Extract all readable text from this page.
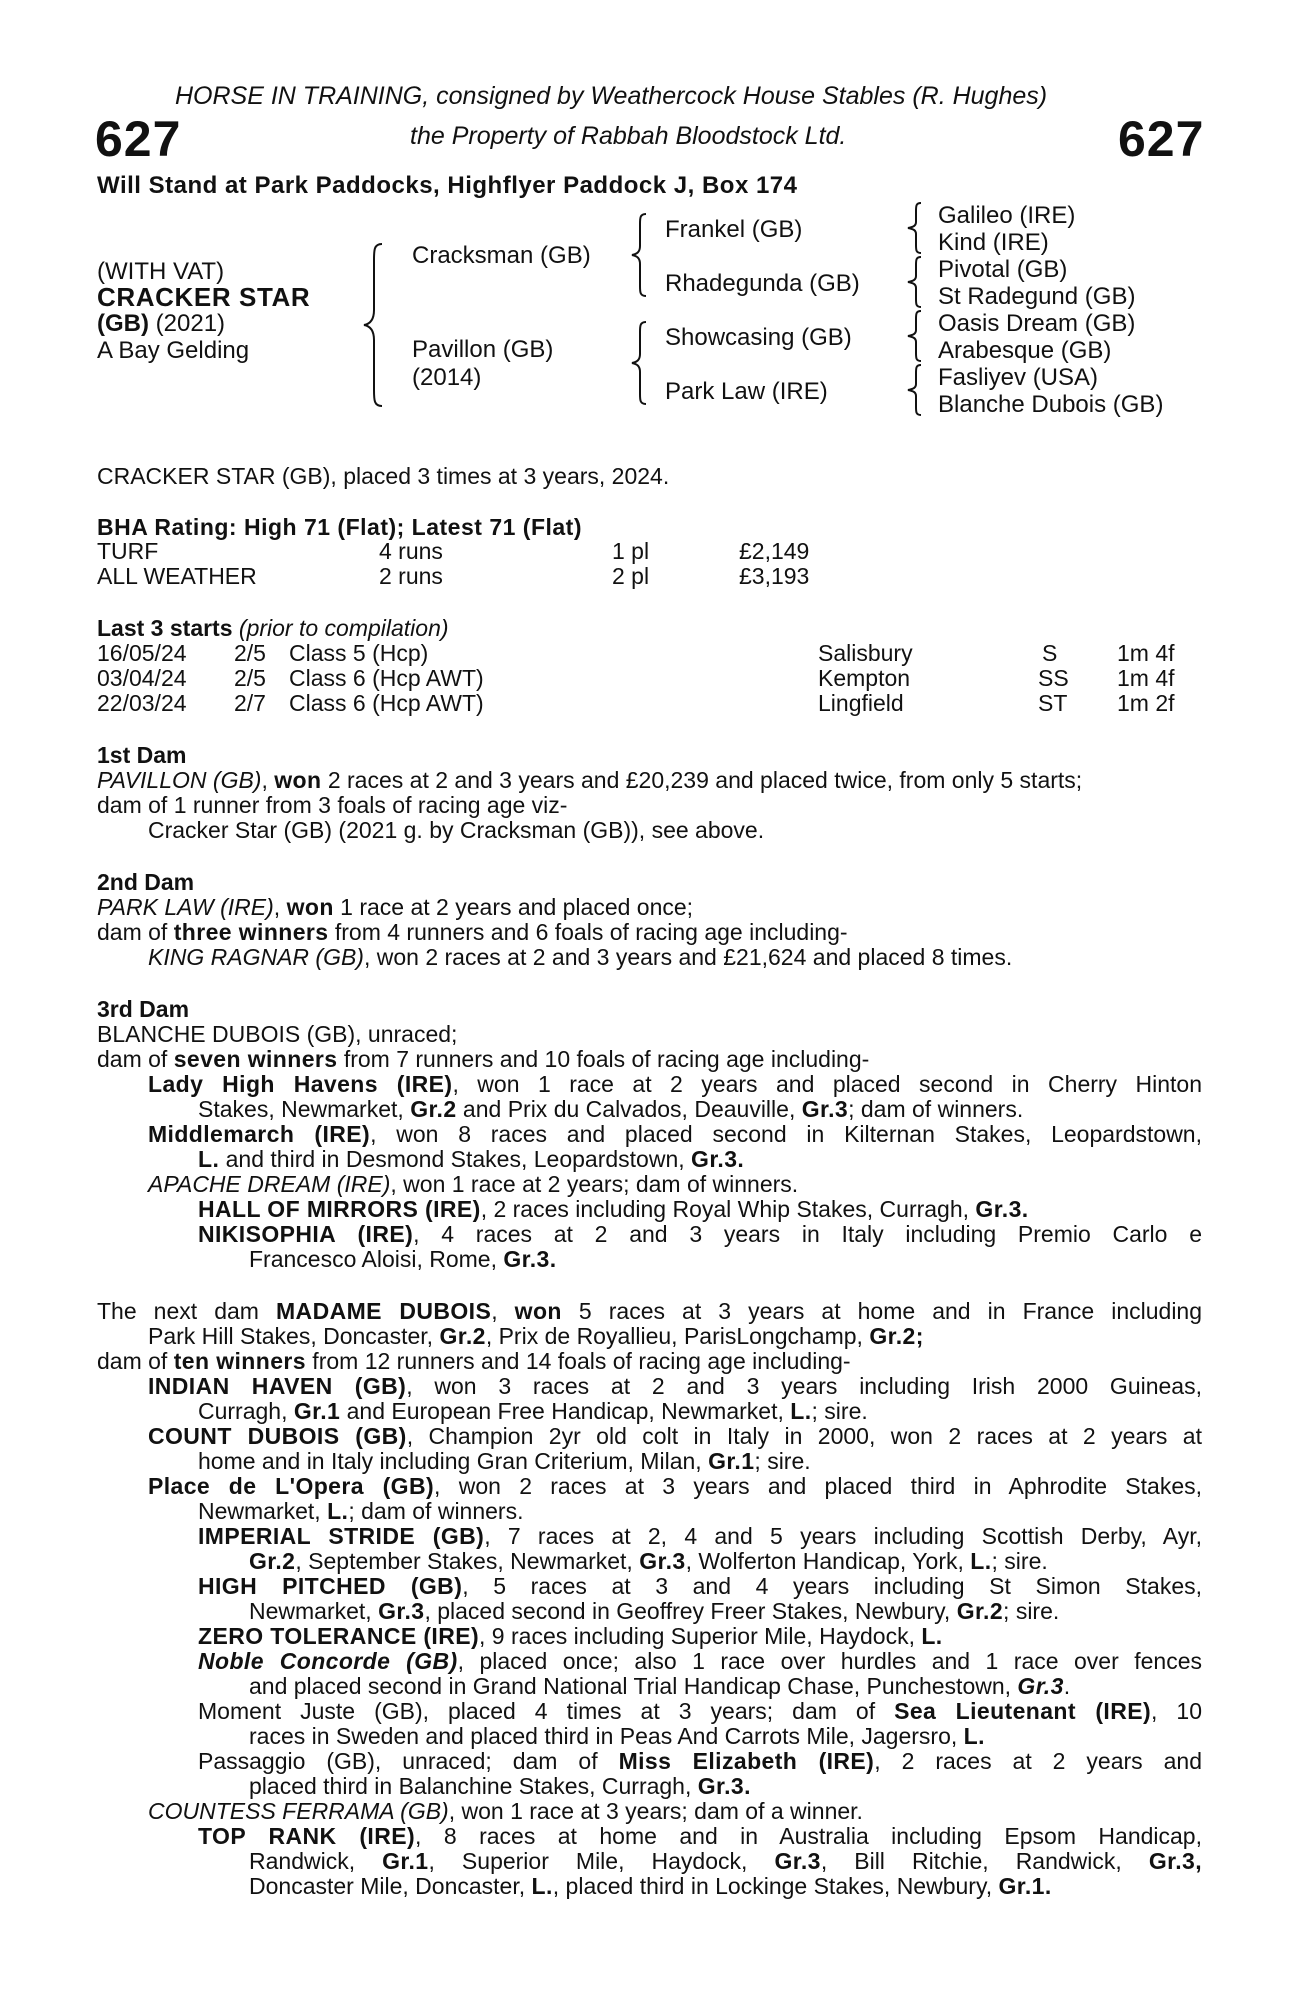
HORSE IN TRAINING, consigned by Weathercock House Stables (R. Hughes)
627	the Property of Rabbah Bloodstock Ltd.	627
Will Stand at Park Paddocks, Highflyer Paddock J, Box 174
(WITH VAT)
CRACKER STAR
(GB) (2021)
A Bay Gelding
Cracksman (GB)
Pavillon (GB)
(2014)
Frankel (GB)
Rhadegunda (GB)
Showcasing (GB)
Park Law (IRE)
Galileo (IRE)
Kind (IRE)
Pivotal (GB)
St Radegund (GB)
Oasis Dream (GB)
Arabesque (GB)
Fasliyev (USA)
Blanche Dubois (GB)
CRACKER STAR (GB), placed 3 times at 3 years, 2024.
BHA Rating: High 71 (Flat); Latest 71 (Flat)
TURF	4 runs	1 pl	£2,149
ALL WEATHER	2 runs	2 pl	£3,193
Last 3 starts (prior to compilation)
16/05/24 2/5 Class 5 (Hcp)	Salisbury	S	1m 4f
03/04/24 2/5 Class 6 (Hcp AWT)	Kempton	SS 1m 4f
22/03/24 2/7 Class 6 (Hcp AWT)	Lingfield	ST 1m 2f
1st Dam
PAVILLON (GB), won 2 races at 2 and 3 years and £20,239 and placed twice, from only 5 starts;
dam of 1 runner from 3 foals of racing age viz-
Cracker Star (GB) (2021 g. by Cracksman (GB)), see above.
2nd Dam
PARK LAW (IRE), won 1 race at 2 years and placed once;
dam of three winners from 4 runners and 6 foals of racing age including-
KING RAGNAR (GB), won 2 races at 2 and 3 years and £21,624 and placed 8 times.
3rd Dam
BLANCHE DUBOIS (GB), unraced;
dam of seven winners from 7 runners and 10 foals of racing age including-
Lady High Havens (IRE), won 1 race at 2 years and placed second in Cherry Hinton
Stakes, Newmarket, Gr.2 and Prix du Calvados, Deauville, Gr.3; dam of winners.
Middlemarch (IRE), won 8 races and placed second in Kilternan Stakes, Leopardstown,
L. and third in Desmond Stakes, Leopardstown, Gr.3.
APACHE DREAM (IRE), won 1 race at 2 years; dam of winners.
HALL OF MIRRORS (IRE), 2 races including Royal Whip Stakes, Curragh, Gr.3.
NIKISOPHIA (IRE), 4 races at 2 and 3 years in Italy including Premio Carlo e
Francesco Aloisi, Rome, Gr.3.
The next dam MADAME DUBOIS, won 5 races at 3 years at home and in France including
Park Hill Stakes, Doncaster, Gr.2, Prix de Royallieu, ParisLongchamp, Gr.2;
dam of ten winners from 12 runners and 14 foals of racing age including-
INDIAN HAVEN (GB), won 3 races at 2 and 3 years including Irish 2000 Guineas,
Curragh, Gr.1 and European Free Handicap, Newmarket, L.; sire.
COUNT DUBOIS (GB), Champion 2yr old colt in Italy in 2000, won 2 races at 2 years at
home and in Italy including Gran Criterium, Milan, Gr.1; sire.
Place de L'Opera (GB), won 2 races at 3 years and placed third in Aphrodite Stakes,
Newmarket, L.; dam of winners.
IMPERIAL STRIDE (GB), 7 races at 2, 4 and 5 years including Scottish Derby, Ayr,
Gr.2, September Stakes, Newmarket, Gr.3, Wolferton Handicap, York, L.; sire.
HIGH PITCHED (GB), 5 races at 3 and 4 years including St Simon Stakes,
Newmarket, Gr.3, placed second in Geoffrey Freer Stakes, Newbury, Gr.2; sire.
ZERO TOLERANCE (IRE), 9 races including Superior Mile, Haydock, L.
Noble Concorde (GB), placed once; also 1 race over hurdles and 1 race over fences
and placed second in Grand National Trial Handicap Chase, Punchestown, Gr.3.
Moment Juste (GB), placed 4 times at 3 years; dam of Sea Lieutenant (IRE), 10
races in Sweden and placed third in Peas And Carrots Mile, Jagersro, L.
Passaggio (GB), unraced; dam of Miss Elizabeth (IRE), 2 races at 2 years and
placed third in Balanchine Stakes, Curragh, Gr.3.
COUNTESS FERRAMA (GB), won 1 race at 3 years; dam of a winner.
TOP RANK (IRE), 8 races at home and in Australia including Epsom Handicap,
Randwick, Gr.1, Superior Mile, Haydock, Gr.3, Bill Ritchie, Randwick, Gr.3,
Doncaster Mile, Doncaster, L., placed third in Lockinge Stakes, Newbury, Gr.1.
